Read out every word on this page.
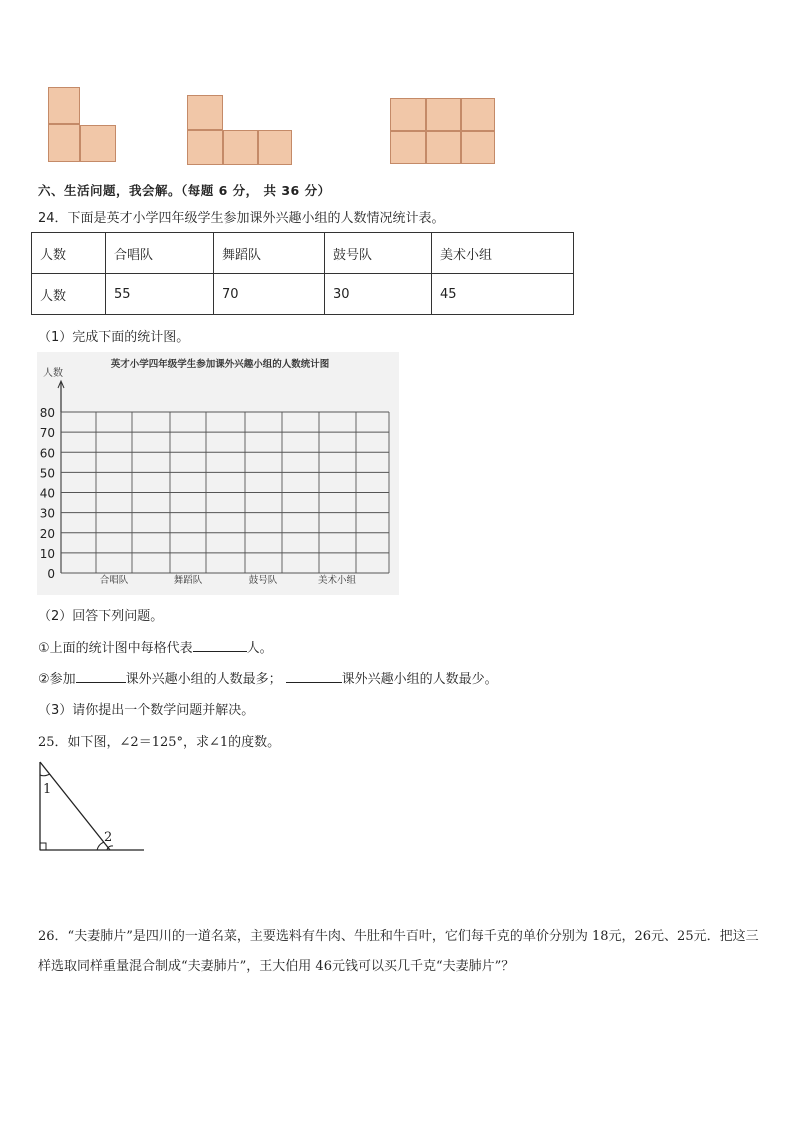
六、生活问题，我会解。（每题 6 分， 共 36 分）
24．下面是英才小学四年级学生参加课外兴趣小组的人数情况统计表。
人数	合唱队	舞蹈队	鼓号队	美术小组
人数	55	70	30	45
（1）完成下面的统计图。
英才小学四年级学生参加课外兴趣小组的人数统计图
人数
0
10
20
30
40
50
60
70
80
合唱队	舞蹈队	鼓号队	美术小组
（2）回答下列问题。
①上面的统计图中每格代表	人。
②参加	课外兴趣小组的人数最多；	课外兴趣小组的人数最少。
（3）请你提出一个数学问题并解决。
25．如下图，∠2＝125°，求∠1的度数。
1
2
26．“夫妻肺片”是四川的一道名菜，主要选料有牛肉、牛肚和牛百叶，它们每千克的单价分别为 18元，26元、25元．把这三样选取同样重量混合制成“夫妻肺片”，王大伯用 46元钱可以买几千克“夫妻肺片”？
